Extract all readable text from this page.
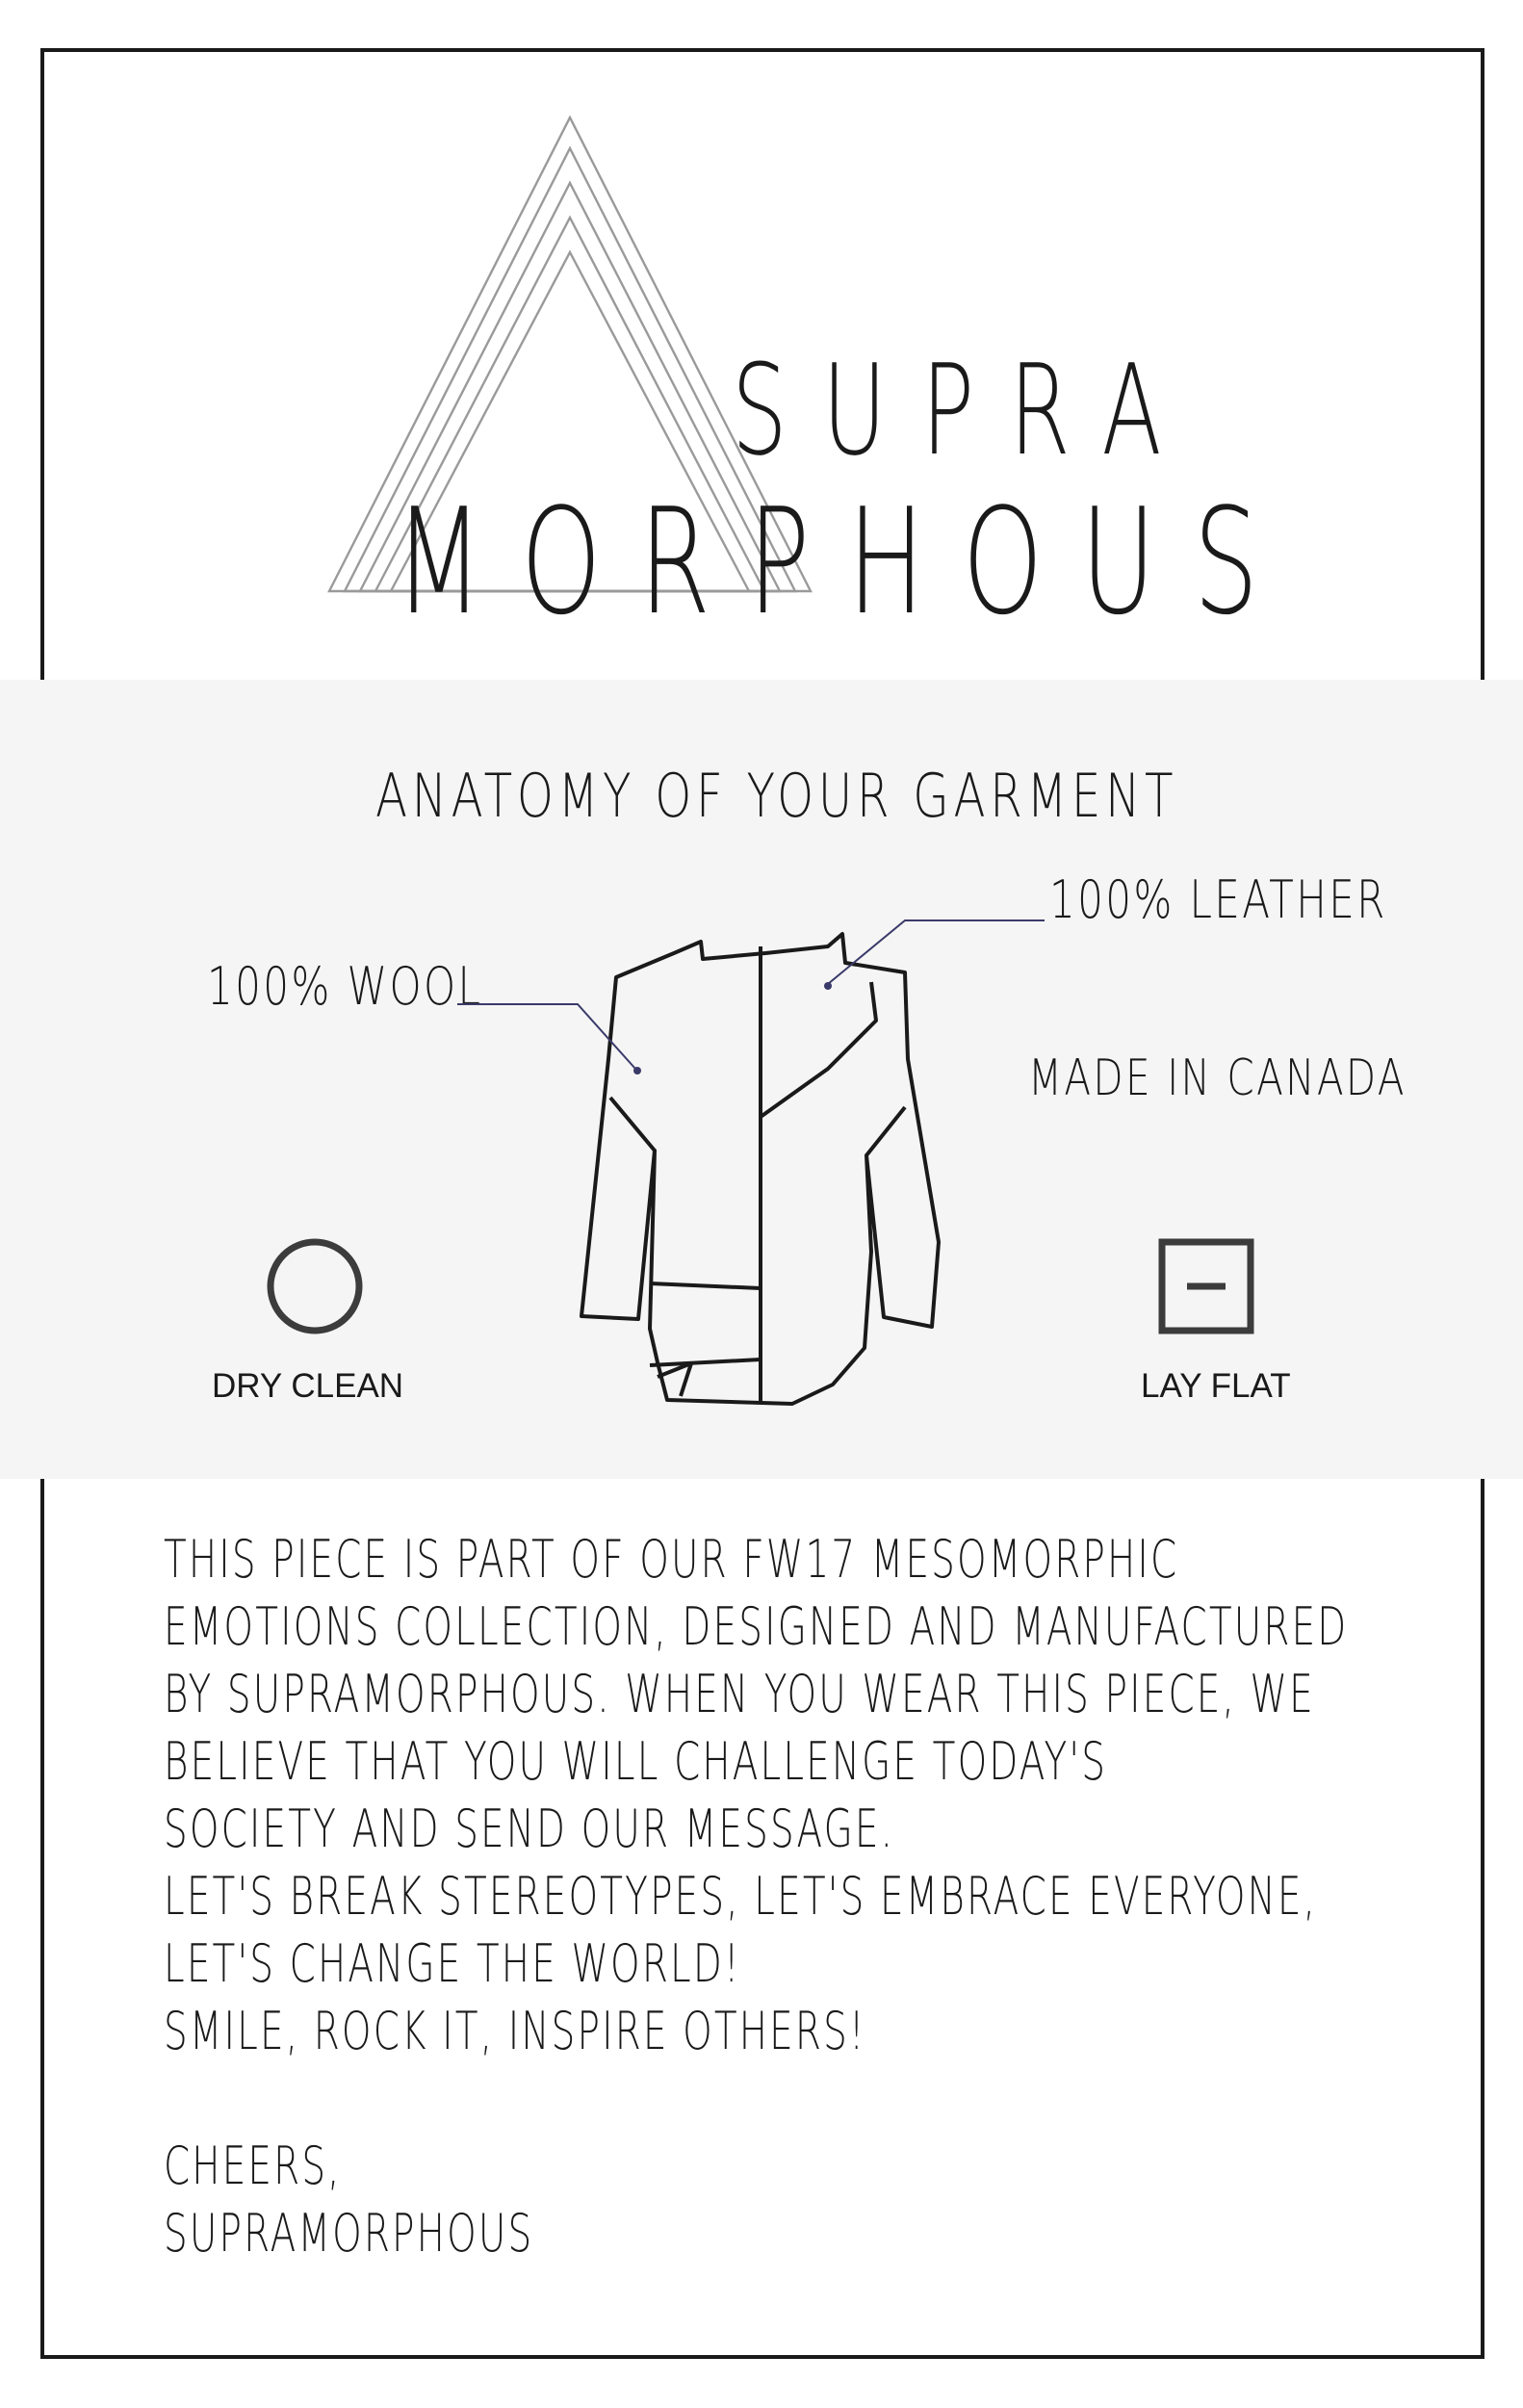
SUPRA
MORPHOUS
ANATOMY OF YOUR GARMENT
100% LEATHER
100% WOOL
MADE IN CANADA
DRY CLEAN	LAY FLAT
THIS PIECE IS PART OF OUR FW17 MESOMORPHIC
EMOTIONS COLLECTION, DESIGNED AND MANUFACTURED
BY SUPRAMORPHOUS. WHEN YOU WEAR THIS PIECE, WE
BELIEVE THAT YOU WILL CHALLENGE TODAY'S
SOCIETY AND SEND OUR MESSAGE.
LET'S BREAK STEREOTYPES, LET'S EMBRACE EVERYONE,
LET'S CHANGE THE WORLD!
SMILE, ROCK IT, INSPIRE OTHERS!
CHEERS,
SUPRAMORPHOUS
